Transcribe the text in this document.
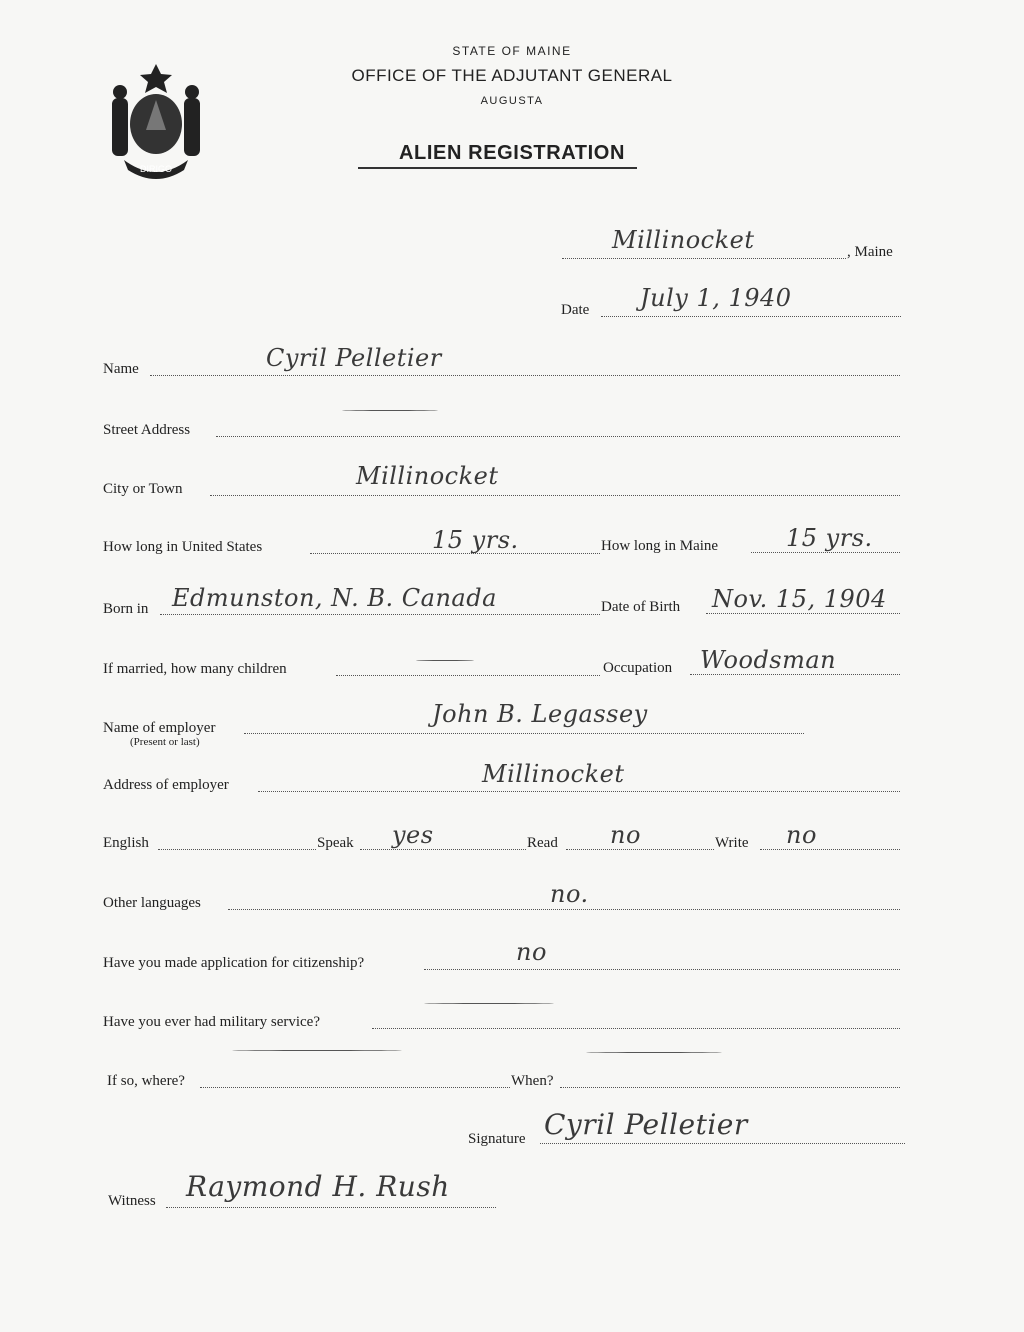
DIRIGO
STATE OF MAINE
OFFICE OF THE ADJUTANT GENERAL
AUGUSTA
ALIEN REGISTRATION
Millinocket	, Maine
Date July 1, 1940
Name	Cyril Pelletier
Street Address
City or Town	Millinocket
How long in United States	15 yrs.	How long in Maine	15 yrs.
Born in Edmunston, N. B. Canada	Date of Birth Nov. 15, 1904
If married, how many children	Occupation Woodsman
Name of employer
(Present or last)
John B. Legassey
Address of employer	Millinocket
English	Speak yes	Read no	Write no
Other languages	no.
Have you made application for citizenship?	no
Have you ever had military service?
If so, where?	When?
Signature Cyril Pelletier
Witness Raymond H. Rush
